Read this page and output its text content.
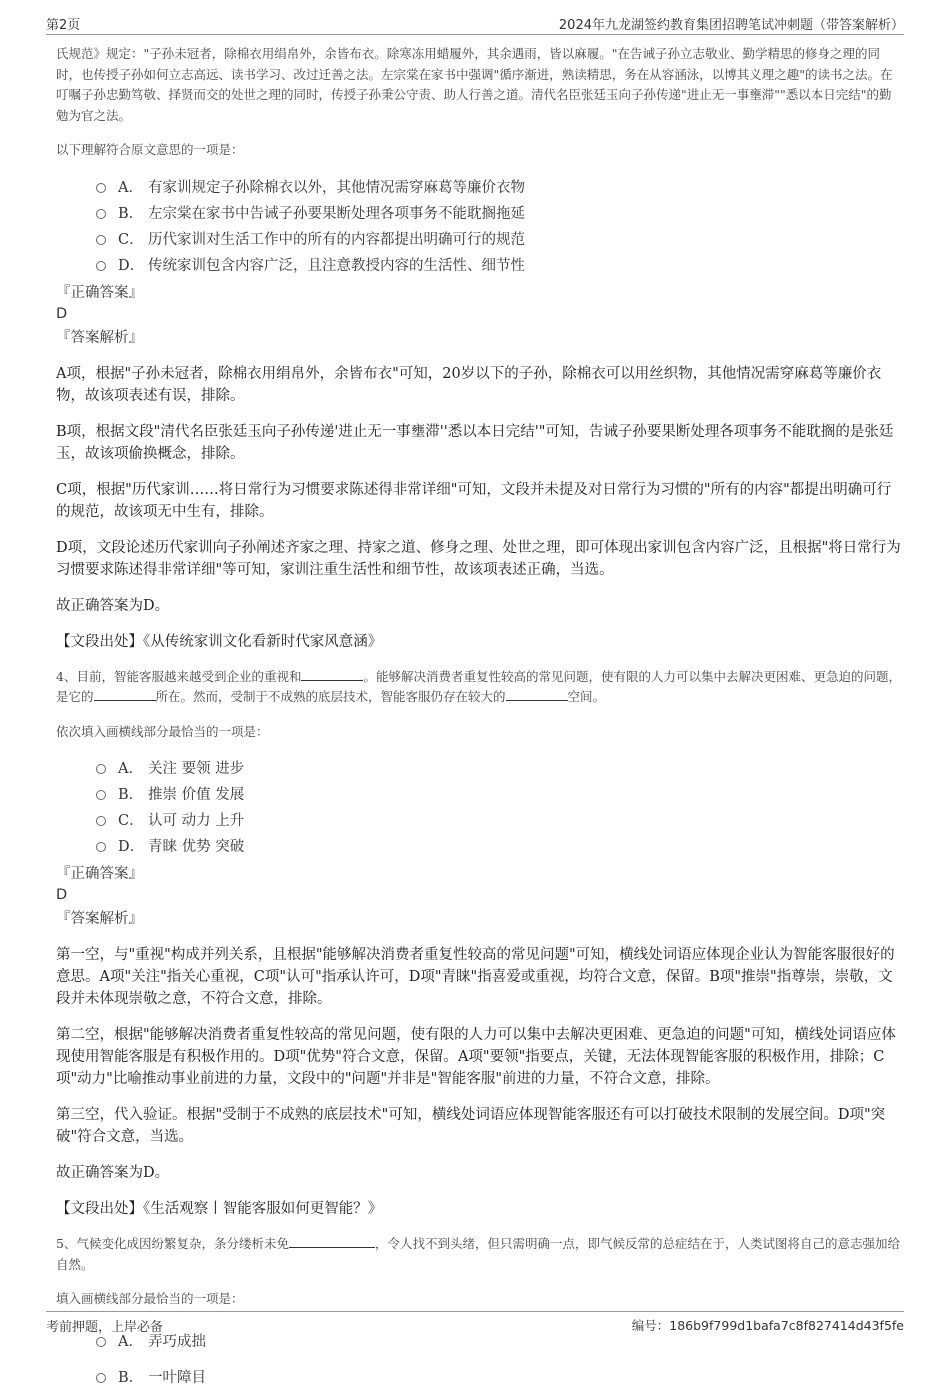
第2页	2024年九龙湖签约教育集团招聘笔试冲刺题（带答案解析）

氏规范》规定："子孙未冠者，除棉衣用绢帛外，余皆布衣。除寒冻用蜡履外，其余遇雨，皆以麻履。"在告诫子孙立志敬业、勤学精思的修身之理的同时，也传授子孙如何立志高远、读书学习、改过迁善之法。左宗棠在家书中强调"循序渐进，熟读精思，务在从容涵泳，以博其义理之趣"的读书之法。在叮嘱子孙忠勤笃敬、择贤而交的处世之理的同时，传授子孙秉公守责、助人行善之道。清代名臣张廷玉向子孙传递"进止无一事壅滞""悉以本日完结"的勤勉为官之法。

以下理解符合原文意思的一项是：

A． 有家训规定子孙除棉衣以外，其他情况需穿麻葛等廉价衣物
B． 左宗棠在家书中告诫子孙要果断处理各项事务不能耽搁拖延
C． 历代家训对生活工作中的所有的内容都提出明确可行的规范
D． 传统家训包含内容广泛，且注意教授内容的生活性、细节性

『正确答案』

D

『答案解析』

A项，根据"子孙未冠者，除棉衣用绢帛外，余皆布衣"可知，20岁以下的子孙，除棉衣可以用丝织物，其他情况需穿麻葛等廉价衣物，故该项表述有误，排除。

B项，根据文段"清代名臣张廷玉向子孙传递'进止无一事壅滞''悉以本日完结'"可知，告诫子孙要果断处理各项事务不能耽搁的是张廷玉，故该项偷换概念，排除。

C项，根据"历代家训……将日常行为习惯要求陈述得非常详细"可知，文段并未提及对日常行为习惯的"所有的内容"都提出明确可行的规范，故该项无中生有，排除。

D项，文段论述历代家训向子孙阐述齐家之理、持家之道、修身之理、处世之理，即可体现出家训包含内容广泛，且根据"将日常行为习惯要求陈述得非常详细"等可知，家训注重生活性和细节性，故该项表述正确，当选。

故正确答案为D。

【文段出处】《从传统家训文化看新时代家风意涵》

4、目前，智能客服越来越受到企业的重视和	。能够解决消费者重复性较高的常见问题，使有限的人力可以集中去解决更困难、更急迫的问题，是它的	所在。然而，受制于不成熟的底层技术，智能客服仍存在较大的	空间。

依次填入画横线部分最恰当的一项是：

A． 关注 要领 进步
B． 推崇 价值 发展
C． 认可 动力 上升
D． 青睐 优势 突破

『正确答案』

D

『答案解析』

第一空，与"重视"构成并列关系，且根据"能够解决消费者重复性较高的常见问题"可知，横线处词语应体现企业认为智能客服很好的意思。A项"关注"指关心重视，C项"认可"指承认许可，D项"青睐"指喜爱或重视，均符合文意，保留。B项"推崇"指尊崇，崇敬，文段并未体现崇敬之意，不符合文意，排除。

第二空，根据"能够解决消费者重复性较高的常见问题，使有限的人力可以集中去解决更困难、更急迫的问题"可知，横线处词语应体现使用智能客服是有积极作用的。D项"优势"符合文意，保留。A项"要领"指要点，关键，无法体现智能客服的积极作用，排除；C项"动力"比喻推动事业前进的力量，文段中的"问题"并非是"智能客服"前进的力量，不符合文意，排除。

第三空，代入验证。根据"受制于不成熟的底层技术"可知，横线处词语应体现智能客服还有可以打破技术限制的发展空间。D项"突破"符合文意，当选。

故正确答案为D。

【文段出处】《生活观察丨智能客服如何更智能？》

5、气候变化成因纷繁复杂，条分缕析未免	，令人找不到头绪，但只需明确一点，即气候反常的总症结在于，人类试图将自己的意志强加给自然。

填入画横线部分最恰当的一项是：

A． 弄巧成拙
B． 一叶障目
考前押题，上岸必备	编号：186b9f799d1bafa7c8f827414d43f5fe
